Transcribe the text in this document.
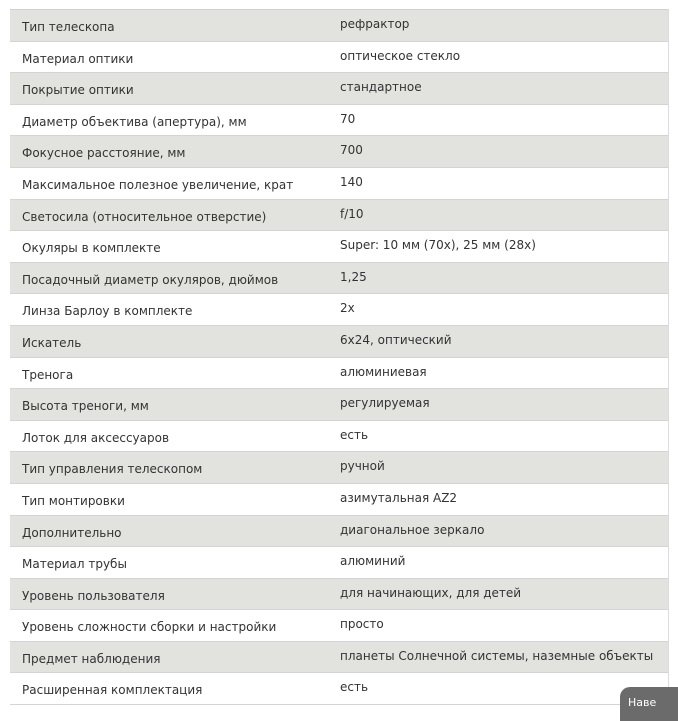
Тип телескопа	рефрактор
Материал оптики	оптическое стекло
Покрытие оптики	стандартное
Диаметр объектива (апертура), мм	70
Фокусное расстояние, мм	700
Максимальное полезное увеличение, крат	140
Светосила (относительное отверстие)	f/10
Окуляры в комплекте	Super: 10 мм (70x), 25 мм (28x)
Посадочный диаметр окуляров, дюймов	1,25
Линза Барлоу в комплекте	2x
Искатель	6x24, оптический
Тренога	алюминиевая
Высота треноги, мм	регулируемая
Лоток для аксессуаров	есть
Тип управления телескопом	ручной
Тип монтировки	азимутальная AZ2
Дополнительно	диагональное зеркало
Материал трубы	алюминий
Уровень пользователя	для начинающих, для детей
Уровень сложности сборки и настройки	просто
Предмет наблюдения	планеты Солнечной системы, наземные объекты
Расширенная комплектация	есть
Наве
